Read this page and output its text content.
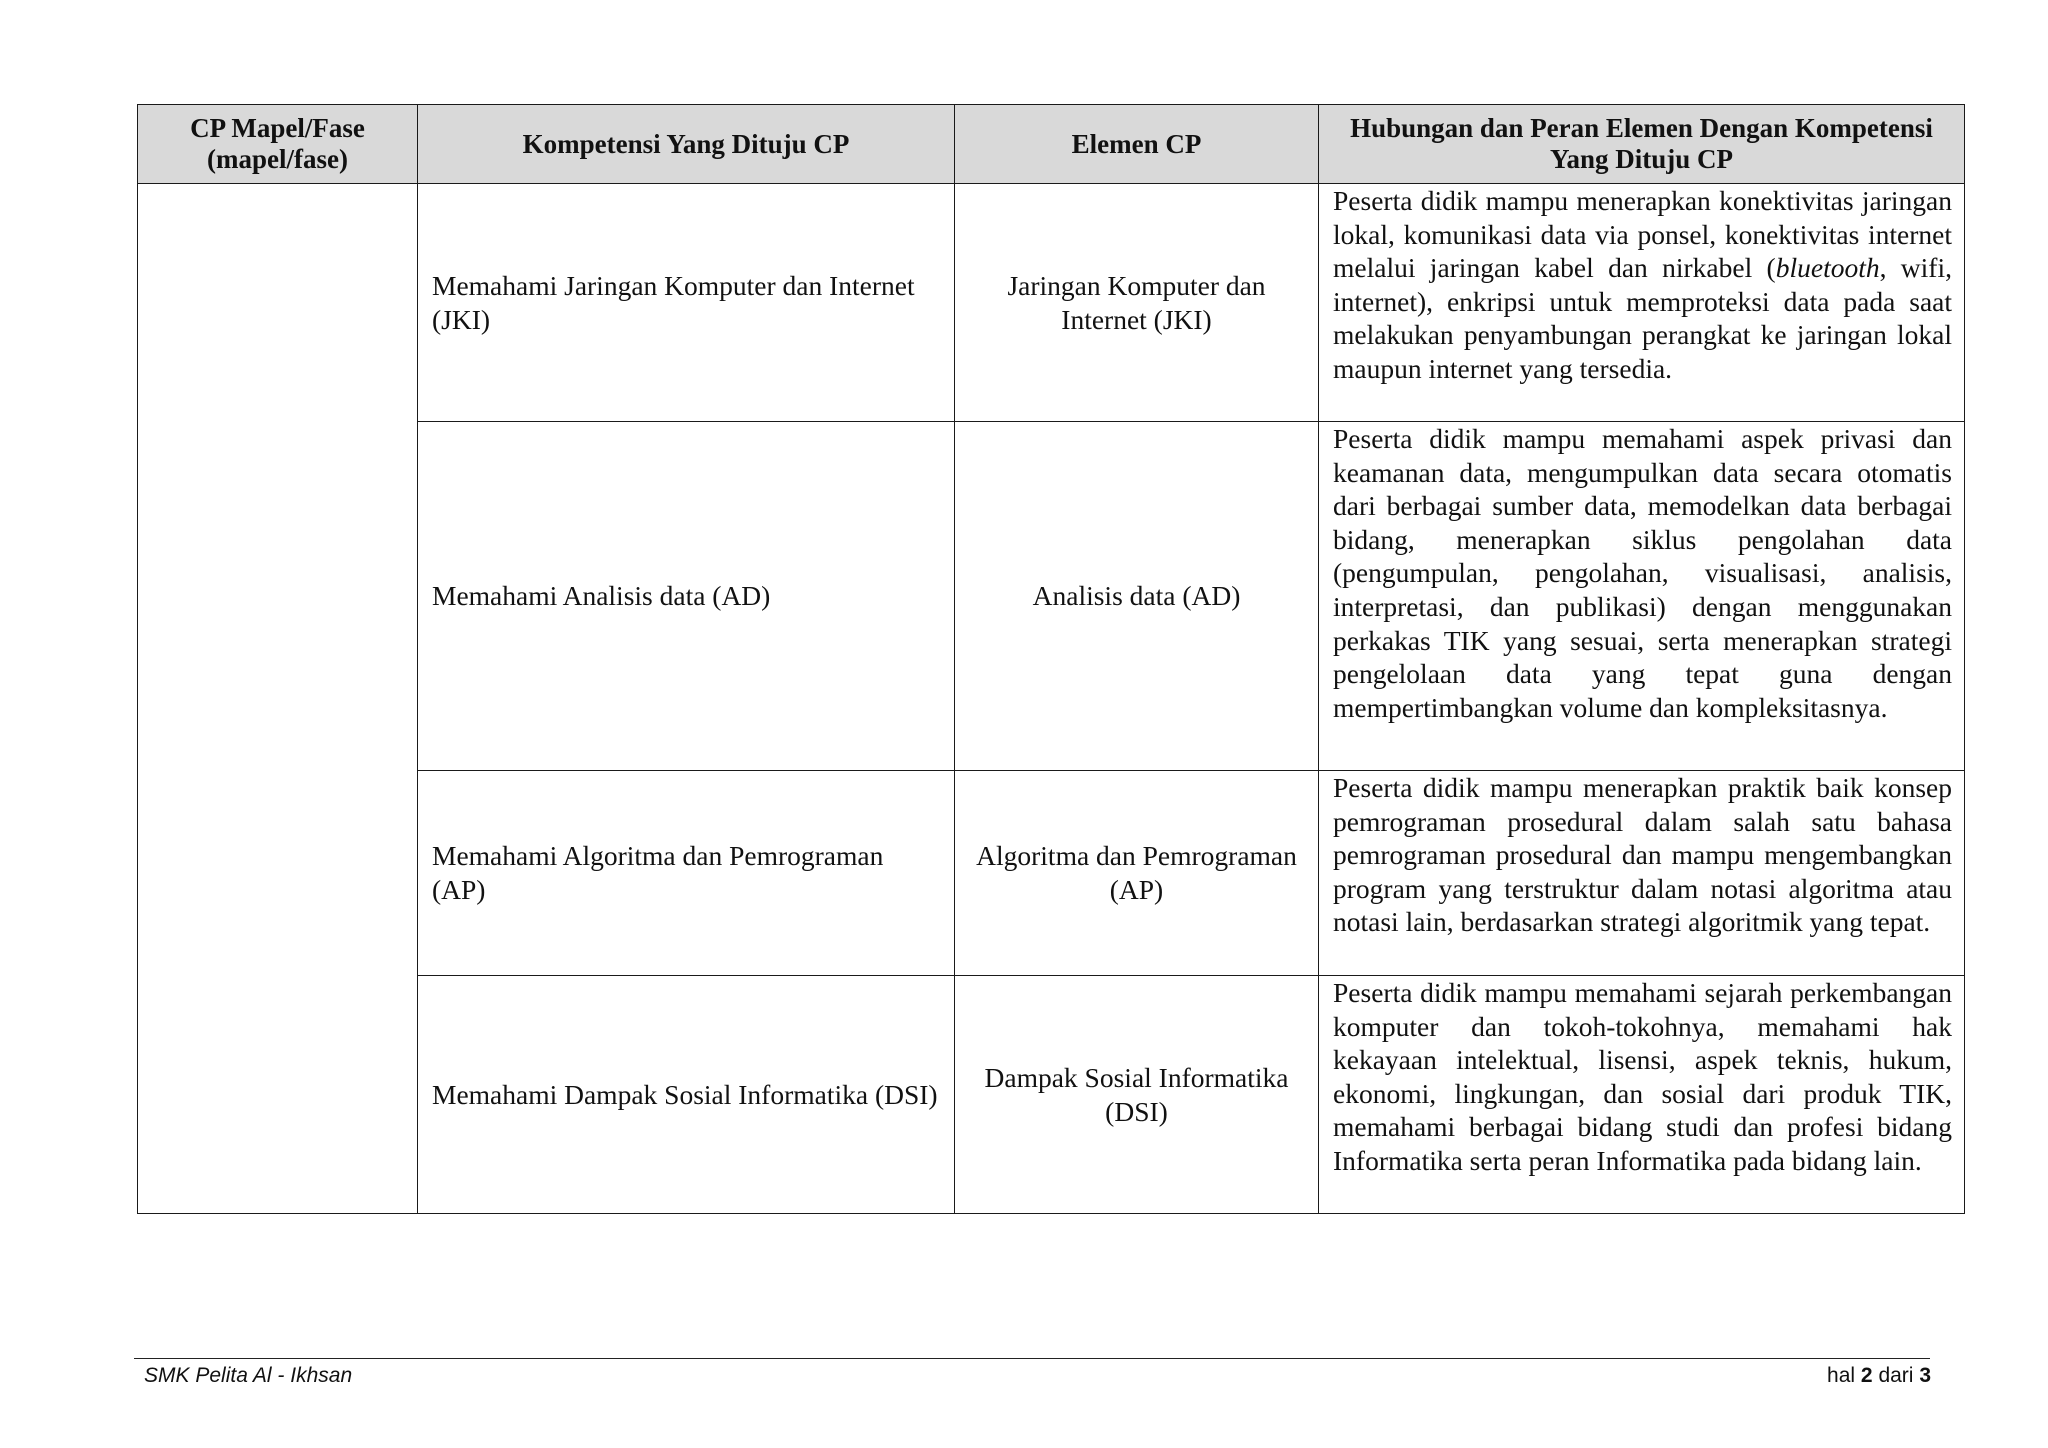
CP Mapel/Fase (mapel/fase)	Kompetensi Yang Dituju CP	Elemen CP	Hubungan dan Peran Elemen Dengan Kompetensi Yang Dituju CP
	Memahami Jaringan Komputer dan Internet (JKI)	Jaringan Komputer dan Internet (JKI)	Peserta didik mampu menerapkan konektivitas jaringan lokal, komunikasi data via ponsel, konektivitas internet melalui jaringan kabel dan nirkabel (bluetooth, wifi, internet), enkripsi untuk memproteksi data pada saat melakukan penyambungan perangkat ke jaringan lokal maupun internet yang tersedia.
	Memahami Analisis data (AD)	Analisis data (AD)	Peserta didik mampu memahami aspek privasi dan keamanan data, mengumpulkan data secara otomatis dari berbagai sumber data, memodelkan data berbagai bidang, menerapkan siklus pengolahan data (pengumpulan, pengolahan, visualisasi, analisis, interpretasi, dan publikasi) dengan menggunakan perkakas TIK yang sesuai, serta menerapkan strategi pengelolaan data yang tepat guna dengan mempertimbangkan volume dan kompleksitasnya.
	Memahami Algoritma dan Pemrograman (AP)	Algoritma dan Pemrograman (AP)	Peserta didik mampu menerapkan praktik baik konsep pemrograman prosedural dalam salah satu bahasa pemrograman prosedural dan mampu mengembangkan program yang terstruktur dalam notasi algoritma atau notasi lain, berdasarkan strategi algoritmik yang tepat.
	Memahami Dampak Sosial Informatika (DSI)	Dampak Sosial Informatika (DSI)	Peserta didik mampu memahami sejarah perkembangan komputer dan tokoh-tokohnya, memahami hak kekayaan intelektual, lisensi, aspek teknis, hukum, ekonomi, lingkungan, dan sosial dari produk TIK, memahami berbagai bidang studi dan profesi bidang Informatika serta peran Informatika pada bidang lain.
SMK Pelita Al - Ikhsan	hal 2 dari 3
